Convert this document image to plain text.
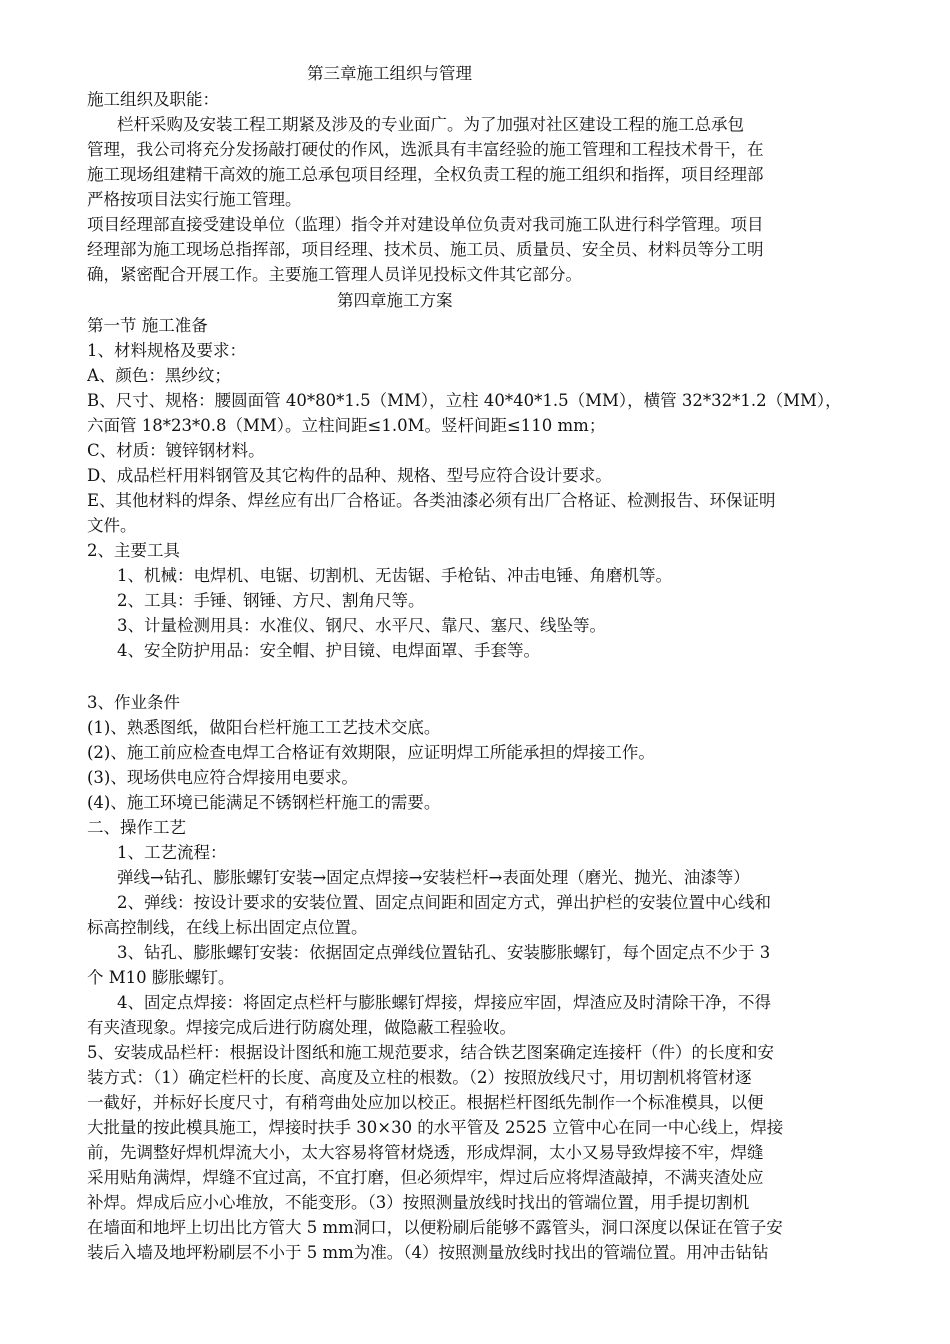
第三章施工组织与管理
施工组织及职能：
栏杆采购及安装工程工期紧及涉及的专业面广。为了加强对社区建设工程的施工总承包
管理，我公司将充分发扬敲打硬仗的作风，选派具有丰富经验的施工管理和工程技术骨干，在
施工现场组建精干高效的施工总承包项目经理，全权负责工程的施工组织和指挥，项目经理部
严格按项目法实行施工管理。
项目经理部直接受建设单位（监理）指令并对建设单位负责对我司施工队进行科学管理。项目
经理部为施工现场总指挥部，项目经理、技术员、施工员、质量员、安全员、材料员等分工明
确，紧密配合开展工作。主要施工管理人员详见投标文件其它部分。
第四章施工方案
第一节 施工准备
1、材料规格及要求：
A、颜色：黑纱纹；
B、尺寸、规格：腰圆面管 40*80*1.5（MM），立柱 40*40*1.5（MM），横管 32*32*1.2（MM），
六面管 18*23*0.8（MM）。立柱间距≤1.0M。竖杆间距≤110 mm；
C、材质：镀锌钢材料。
D、成品栏杆用料钢管及其它构件的品种、规格、型号应符合设计要求。
E、其他材料的焊条、焊丝应有出厂合格证。各类油漆必须有出厂合格证、检测报告、环保证明
文件。
2、主要工具
1、机械：电焊机、电锯、切割机、无齿锯、手枪钻、冲击电锤、角磨机等。
2、工具：手锤、钢锤、方尺、割角尺等。
3、计量检测用具：水准仪、钢尺、水平尺、靠尺、塞尺、线坠等。
4、安全防护用品：安全帽、护目镜、电焊面罩、手套等。
3、作业条件
(1)、熟悉图纸，做阳台栏杆施工工艺技术交底。
(2)、施工前应检查电焊工合格证有效期限，应证明焊工所能承担的焊接工作。
(3)、现场供电应符合焊接用电要求。
(4)、施工环境已能满足不锈钢栏杆施工的需要。
二、操作工艺
1、工艺流程：
弹线→钻孔、膨胀螺钉安装→固定点焊接→安装栏杆→表面处理（磨光、抛光、油漆等）
2、弹线：按设计要求的安装位置、固定点间距和固定方式，弹出护栏的安装位置中心线和
标高控制线，在线上标出固定点位置。
3、钻孔、膨胀螺钉安装：依据固定点弹线位置钻孔、安装膨胀螺钉，每个固定点不少于 3
个 M10 膨胀螺钉。
4、固定点焊接：将固定点栏杆与膨胀螺钉焊接，焊接应牢固，焊渣应及时清除干净，不得
有夹渣现象。焊接完成后进行防腐处理，做隐蔽工程验收。
5、安装成品栏杆：根据设计图纸和施工规范要求，结合铁艺图案确定连接杆（件）的长度和安
装方式：（1）确定栏杆的长度、高度及立柱的根数。（2）按照放线尺寸，用切割机将管材逐
一截好，并标好长度尺寸，有稍弯曲处应加以校正。根据栏杆图纸先制作一个标准模具，以便
大批量的按此模具施工，焊接时扶手 30×30 的水平管及 2525 立管中心在同一中心线上，焊接
前，先调整好焊机焊流大小，太大容易将管材烧透，形成焊洞，太小又易导致焊接不牢，焊缝
采用贴角满焊，焊缝不宜过高，不宜打磨，但必须焊牢，焊过后应将焊渣敲掉，不满夹渣处应
补焊。焊成后应小心堆放，不能变形。（3）按照测量放线时找出的管端位置，用手提切割机
在墙面和地坪上切出比方管大 5 mm洞口，以便粉刷后能够不露管头，洞口深度以保证在管子安
装后入墙及地坪粉刷层不小于 5 mm为准。（4）按照测量放线时找出的管端位置。用冲击钻钻
